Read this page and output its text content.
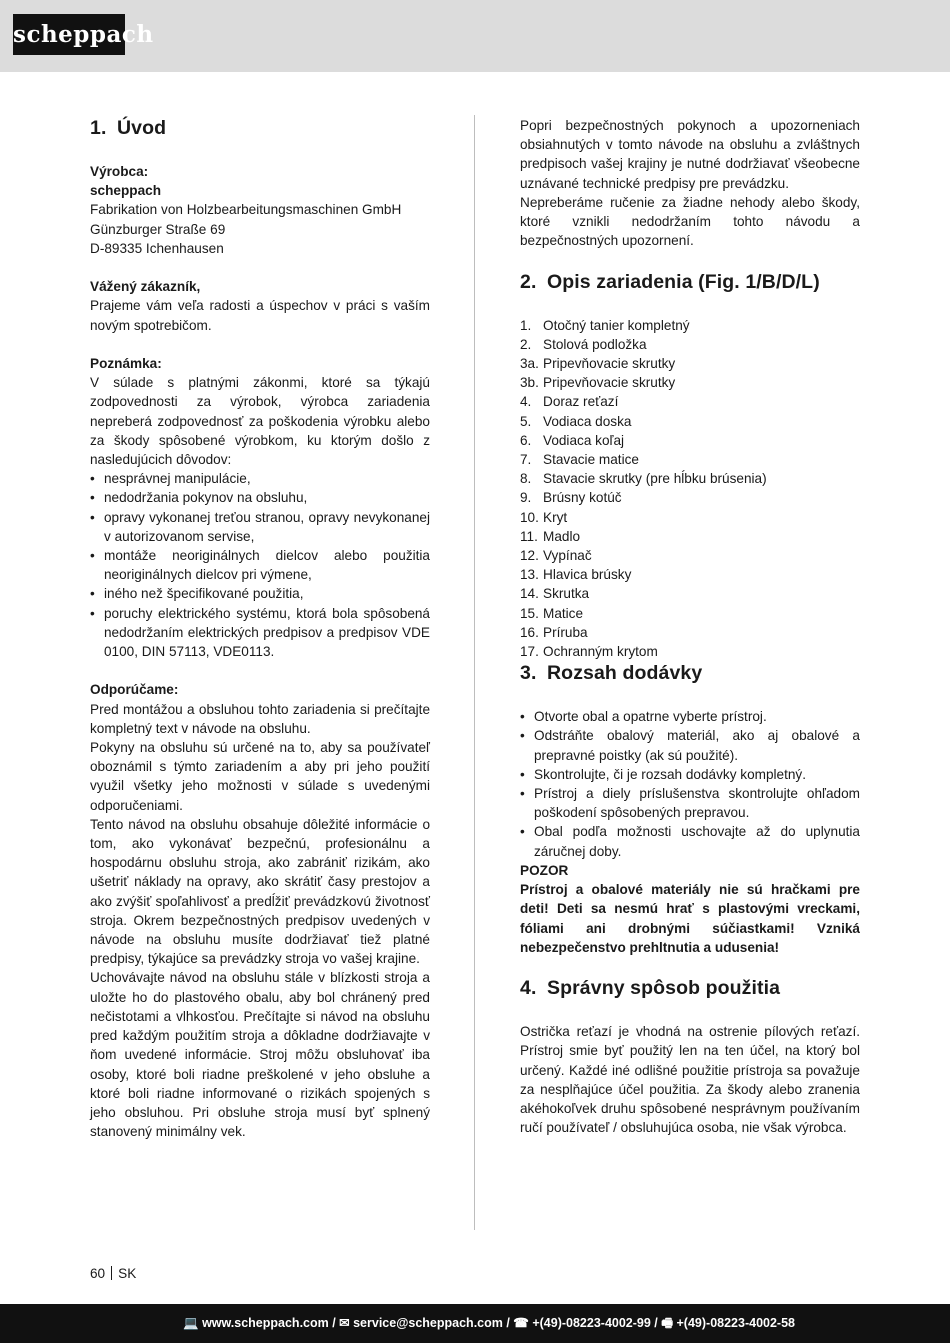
scheppach
1. Úvod
Výrobca:
scheppach
Fabrikation von Holzbearbeitungsmaschinen GmbH
Günzburger Straße 69
D-89335 Ichenhausen
Vážený zákazník,

Prajeme vám veľa radosti a úspechov v práci s vaším novým spotrebičom.

Poznámka:

V súlade s platnými zákonmi, ktoré sa týkajú zodpovednosti za výrobok, výrobca zariadenia nepreberá zodpovednosť za poškodenia výrobku alebo za škody spôsobené výrobkom, ku ktorým došlo z nasledujúcich dôvodov:

• nesprávnej manipulácie,
• nedodržania pokynov na obsluhu,
• opravy vykonanej treťou stranou, opravy nevykonanej v autorizovanom servise,
• montáže neoriginálnych dielcov alebo použitia neoriginálnych dielcov pri výmene,
• iného než špecifikované použitia,
• poruchy elektrického systému, ktorá bola spôsobená nedodržaním elektrických predpisov a predpisov VDE 0100, DIN 57113, VDE0113.
Odporúčame:

Pred montážou a obsluhou tohto zariadenia si prečítajte kompletný text v návode na obsluhu.

Pokyny na obsluhu sú určené na to, aby sa používateľ oboznámil s týmto zariadením a aby pri jeho použití využil všetky jeho možnosti v súlade s uvedenými odporučeniami.

Tento návod na obsluhu obsahuje dôležité informácie o tom, ako vykonávať bezpečnú, profesionálnu a hospodárnu obsluhu stroja, ako zabrániť rizikám, ako ušetriť náklady na opravy, ako skrátiť časy prestojov a ako zvýšiť spoľahlivosť a predĺžiť prevádzkovú životnosť stroja. Okrem bezpečnostných predpisov uvedených v návode na obsluhu musíte dodržiavať tiež platné predpisy, týkajúce sa prevádzky stroja vo vašej krajine.

Uchovávajte návod na obsluhu stále v blízkosti stroja a uložte ho do plastového obalu, aby bol chránený pred nečistotami a vlhkosťou. Prečítajte si návod na obsluhu pred každým použitím stroja a dôkladne dodržiavajte v ňom uvedené informácie. Stroj môžu obsluhovať iba osoby, ktoré boli riadne preškolené v jeho obsluhe a ktoré boli riadne informované o rizikách spojených s jeho obsluhou. Pri obsluhe stroja musí byť splnený stanovený minimálny vek.

Popri bezpečnostných pokynoch a upozorneniach obsiahnutých v tomto návode na obsluhu a zvláštnych predpisoch vašej krajiny je nutné dodržiavať všeobecne uznávané technické predpisy pre prevádzku.

Nepreberáme ručenie za žiadne nehody alebo škody, ktoré vznikli nedodržaním tohto návodu a bezpečnostných upozornení.

2. Opis zariadenia (Fig. 1/B/D/L)
1. Otočný tanier kompletný
2. Stolová podložka
3a. Pripevňovacie skrutky
3b. Pripevňovacie skrutky
4. Doraz reťazí
5. Vodiaca doska
6. Vodiaca koľaj
7. Stavacie matice
8. Stavacie skrutky (pre hĺbku brúsenia)
9. Brúsny kotúč
10. Kryt
11. Madlo
12. Vypínač
13. Hlavica brúsky
14. Skrutka
15. Matice
16. Príruba
17. Ochranným krytom
3. Rozsah dodávky
• Otvorte obal a opatrne vyberte prístroj.
• Odstráňte obalový materiál, ako aj obalové a prepravné poistky (ak sú použité).
• Skontrolujte, či je rozsah dodávky kompletný.
• Prístroj a diely príslušenstva skontrolujte ohľadom poškodení spôsobených prepravou.
• Obal podľa možnosti uschovajte až do uplynutia záručnej doby.
POZOR

Prístroj a obalové materiály nie sú hračkami pre deti! Deti sa nesmú hrať s plastovými vreckami, fóliami ani drobnými súčiastkami! Vzniká nebezpečenstvo prehltnutia a udusenia!

4. Správny spôsob použitia

Ostrička reťazí je vhodná na ostrenie pílových reťazí. Prístroj smie byť použitý len na ten účel, na ktorý bol určený. Každé iné odlišné použitie prístroja sa považuje za nesplňajúce účel použitia. Za škody alebo zranenia akéhokoľvek druhu spôsobené nesprávnym používaním ručí používateľ / obsluhujúca osoba, nie však výrobca.

60 SK
💻 www.scheppach.com / ✉ service@scheppach.com / ☎ +(49)-08223-4002-99 / 🖷 +(49)-08223-4002-58
